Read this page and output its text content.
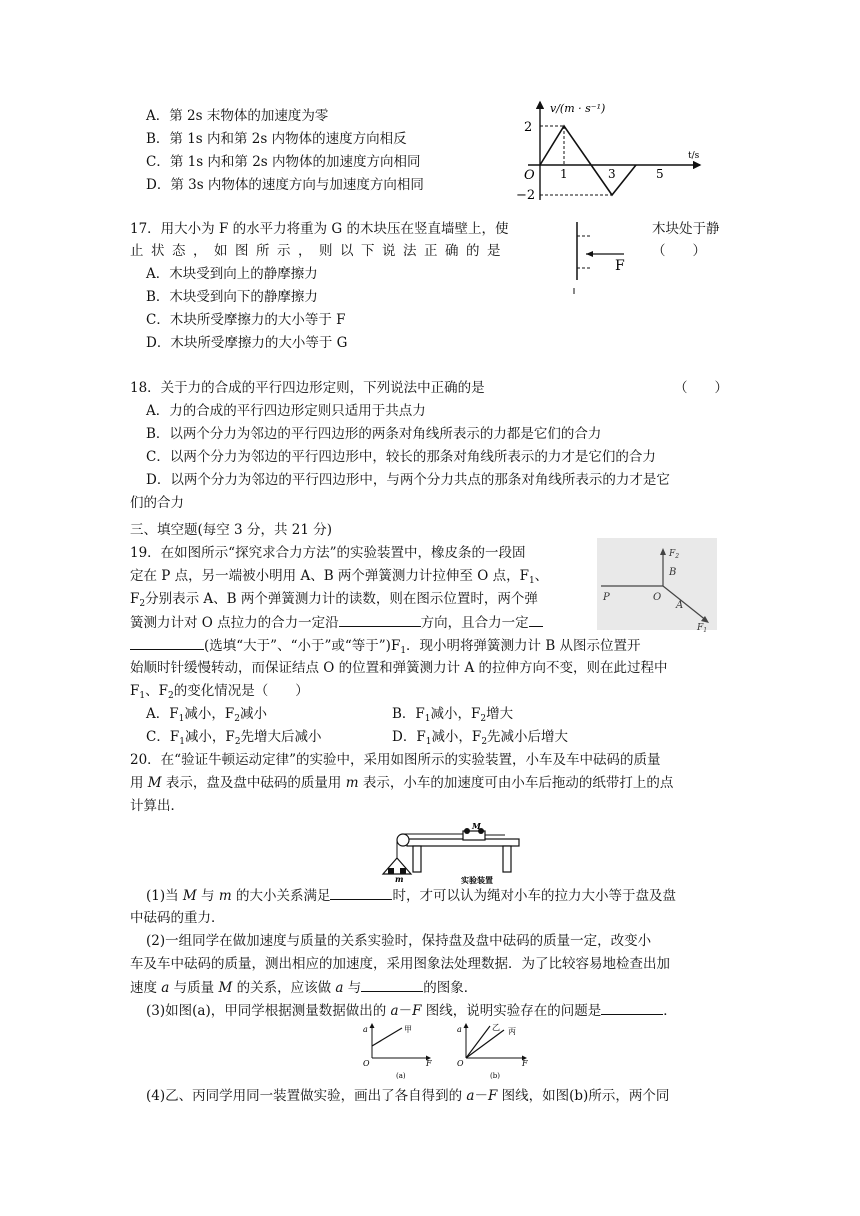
A．第 2s 末物体的加速度为零
B．第 1s 内和第 2s 内物体的速度方向相反
C．第 1s 内和第 2s 内物体的加速度方向相同
D．第 3s 内物体的速度方向与加速度方向相同
v/(m · s⁻¹)
t/s
2
−2
O 1	3	5
17．用大小为 F 的水平力将重为 G 的木块压在竖直墙壁上，使	木块处于静
止状态，如图所示，则以下说法正确的是	（　　）
A．木块受到向上的静摩擦力
B．木块受到向下的静摩擦力
C．木块所受摩擦力的大小等于 F
D．木块所受摩擦力的大小等于 G
F
18．关于力的合成的平行四边形定则，下列说法中正确的是	（　　）
A．力的合成的平行四边形定则只适用于共点力
B．以两个分力为邻边的平行四边形的两条对角线所表示的力都是它们的合力
C．以两个分力为邻边的平行四边形中，较长的那条对角线所表示的力才是它们的合力
D．以两个分力为邻边的平行四边形中，与两个分力共点的那条对角线所表示的力才是它
们的合力
三、填空题(每空 3 分，共 21 分)
19．在如图所示“探究求合力方法”的实验装置中，橡皮条的一段固
定在 P 点，另一端被小明用 A、B 两个弹簧测力计拉伸至 O 点，$F_1$、
$F_2$分别表示 A、B 两个弹簧测力计的读数，则在图示位置时，两个弹
簧测力计对 O 点拉力的合力一定沿	方向，且合力一定
(选填“大于”、“小于”或“等于$”)F_1$．现小明将弹簧测力计 B 从图示位置开
始顺时针缓慢转动，而保证结点 O 的位置和弹簧测力计 A 的拉伸方向不变，则在此过程中
$F_1$、$F_2$的变化情况是（　　）
A．$F_1$减小，$F_2$减小	B．$F_1$减小，$F_2$增大
C．$F_1$减小，$F_2$先增大后减小	D．$F_1$减小，$F_2$先减小后增大
P	O
B
A
$F_2$
$F_1$
20．在“验证牛顿运动定律”的实验中，采用如图所示的实验装置，小车及车中砝码的质量
用 M 表示，盘及盘中砝码的质量用 m 表示，小车的加速度可由小车后拖动的纸带打上的点
计算出．
M
m	实验装置
(1)当 M 与 m 的大小关系满足	时，才可以认为绳对小车的拉力大小等于盘及盘
中砝码的重力．
(2)一组同学在做加速度与质量的关系实验时，保持盘及盘中砝码的质量一定，改变小
车及车中砝码的质量，测出相应的加速度，采用图象法处理数据．为了比较容易地检查出加
速度 a 与质量 M 的关系，应该做 a 与	的图象．
(3)如图(a)，甲同学根据测量数据做出的 a－F 图线，说明实验存在的问题是	．
a
O	F
甲
(a)
a
O	F
乙 丙
(b)
(4)乙、丙同学用同一装置做实验，画出了各自得到的 a－F 图线，如图(b)所示，两个同
